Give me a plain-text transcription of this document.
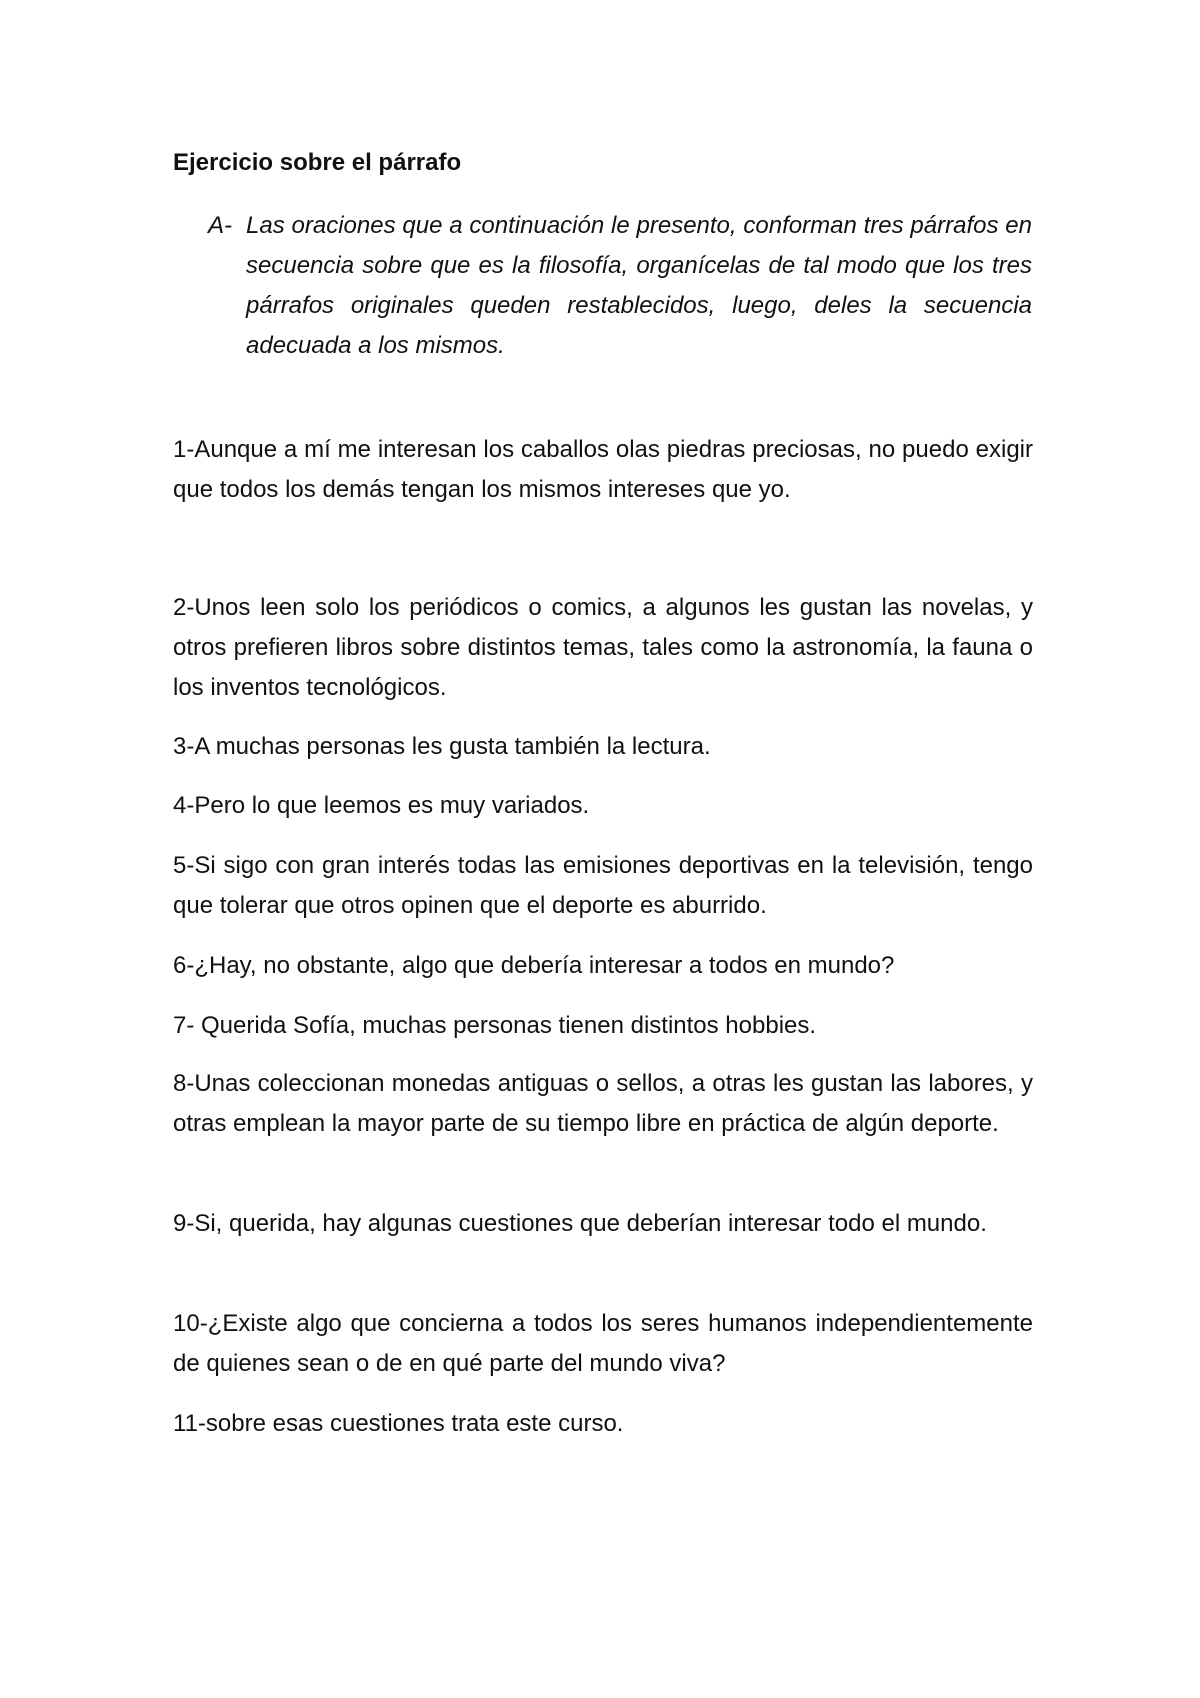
Ejercicio sobre el párrafo
A- Las oraciones que a continuación le presento, conforman tres párrafos en secuencia sobre que es la filosofía, organícelas de tal modo que los tres párrafos originales queden restablecidos, luego, deles la secuencia adecuada a los mismos.
1-Aunque a mí me interesan los caballos olas piedras preciosas, no puedo exigir que todos los demás tengan los mismos intereses que yo.
2-Unos leen solo los periódicos o comics, a algunos les gustan las novelas, y otros prefieren libros sobre distintos temas, tales como la astronomía, la fauna o los inventos tecnológicos.
3-A muchas personas les gusta también la lectura.
4-Pero lo que leemos es muy variados.
5-Si sigo con gran interés todas las emisiones deportivas en la televisión, tengo que tolerar que otros opinen que el deporte es aburrido.
6-¿Hay, no obstante, algo que debería interesar a todos en mundo?
7- Querida Sofía, muchas personas tienen distintos hobbies.
8-Unas coleccionan monedas antiguas o sellos, a otras les gustan las labores, y otras emplean la mayor parte de su tiempo libre en práctica de algún deporte.
9-Si, querida, hay algunas cuestiones que deberían interesar todo el mundo.
10-¿Existe algo que concierna a todos los seres humanos independientemente de quienes sean o de en qué parte del mundo viva?
11-sobre esas cuestiones trata este curso.
